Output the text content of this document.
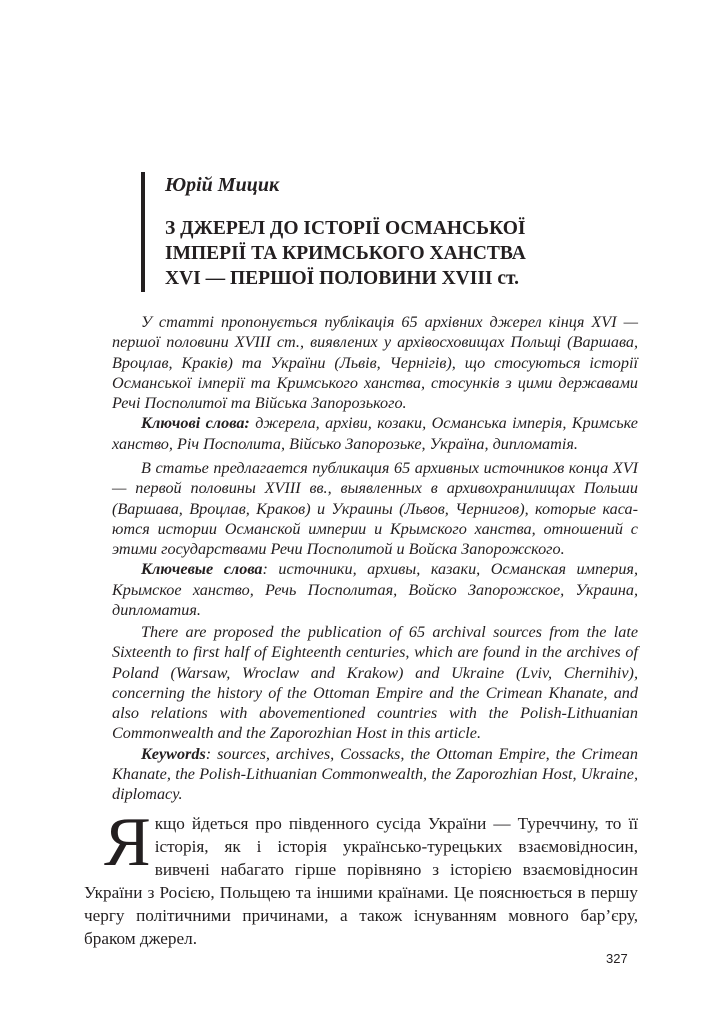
Юрій Мицик
З ДЖЕРЕЛ ДО ІСТОРІЇ ОСМАНСЬКОЇ
ІМПЕРІЇ ТА КРИМСЬКОГО ХАНСТВА
XVI — ПЕРШОЇ ПОЛОВИНИ XVIII ст.

У статті пропонується публікація 65 архівних джерел кінця XVI — першої половини XVIII ст., виявлених у архівосховищах Польщі (Варшава, Вроцлав, Краків) та України (Львів, Чернігів), що стосуються історії Османської імперії та Кримського ханства, стосунків з цими державами Речі Посполитої та Війська Запорозького.

Ключові слова: джерела, архіви, козаки, Османська імперія, Кримське ханство, Річ Посполита, Військо Запорозьке, Україна, дипломатія.

В статье предлагается публикация 65 архивных источников конца XVI — первой половины XVIII вв., выявленных в архивохранилищах Польши (Варшава, Вроцлав, Краков) и Украины (Львов, Чернигов), которые касаются истории Османской империи и Крымского ханства, отношений с этими государствами Речи Посполитой и Войска Запорожского.

Ключевые слова: источники, архивы, казаки, Османская империя, Крымское ханство, Речь Посполитая, Войско Запорожское, Украина, дипломатия.

There are proposed the publication of 65 archival sources from the late Sixteenth to first half of Eighteenth centuries, which are found in the archives of Poland (Warsaw, Wroclaw and Krakow) and Ukraine (Lviv, Chernihiv), concerning the history of the Ottoman Empire and the Crimean Khanate, and also relations with abovementioned countries with the Polish-Lithuanian Commonwealth and the Zaporozhian Host in this article.

Keywords: sources, archives, Cossacks, the Ottoman Empire, the Crimean Khanate, the Polish-Lithuanian Commonwealth, the Zaporozhian Host, Ukraine, diplomacy.

Якщо йдеться про південного сусіда України — Туреччину, то її історія, як і історія українсько-турецьких взаємовідносин, вивчені набагато гірше порівняно з історією взаємовідносин України з Росією, Польщею та іншими країнами. Це пояснюється в першу чергу політичними причинами, а також існуванням мовного бар’єру, браком джерел.
327
